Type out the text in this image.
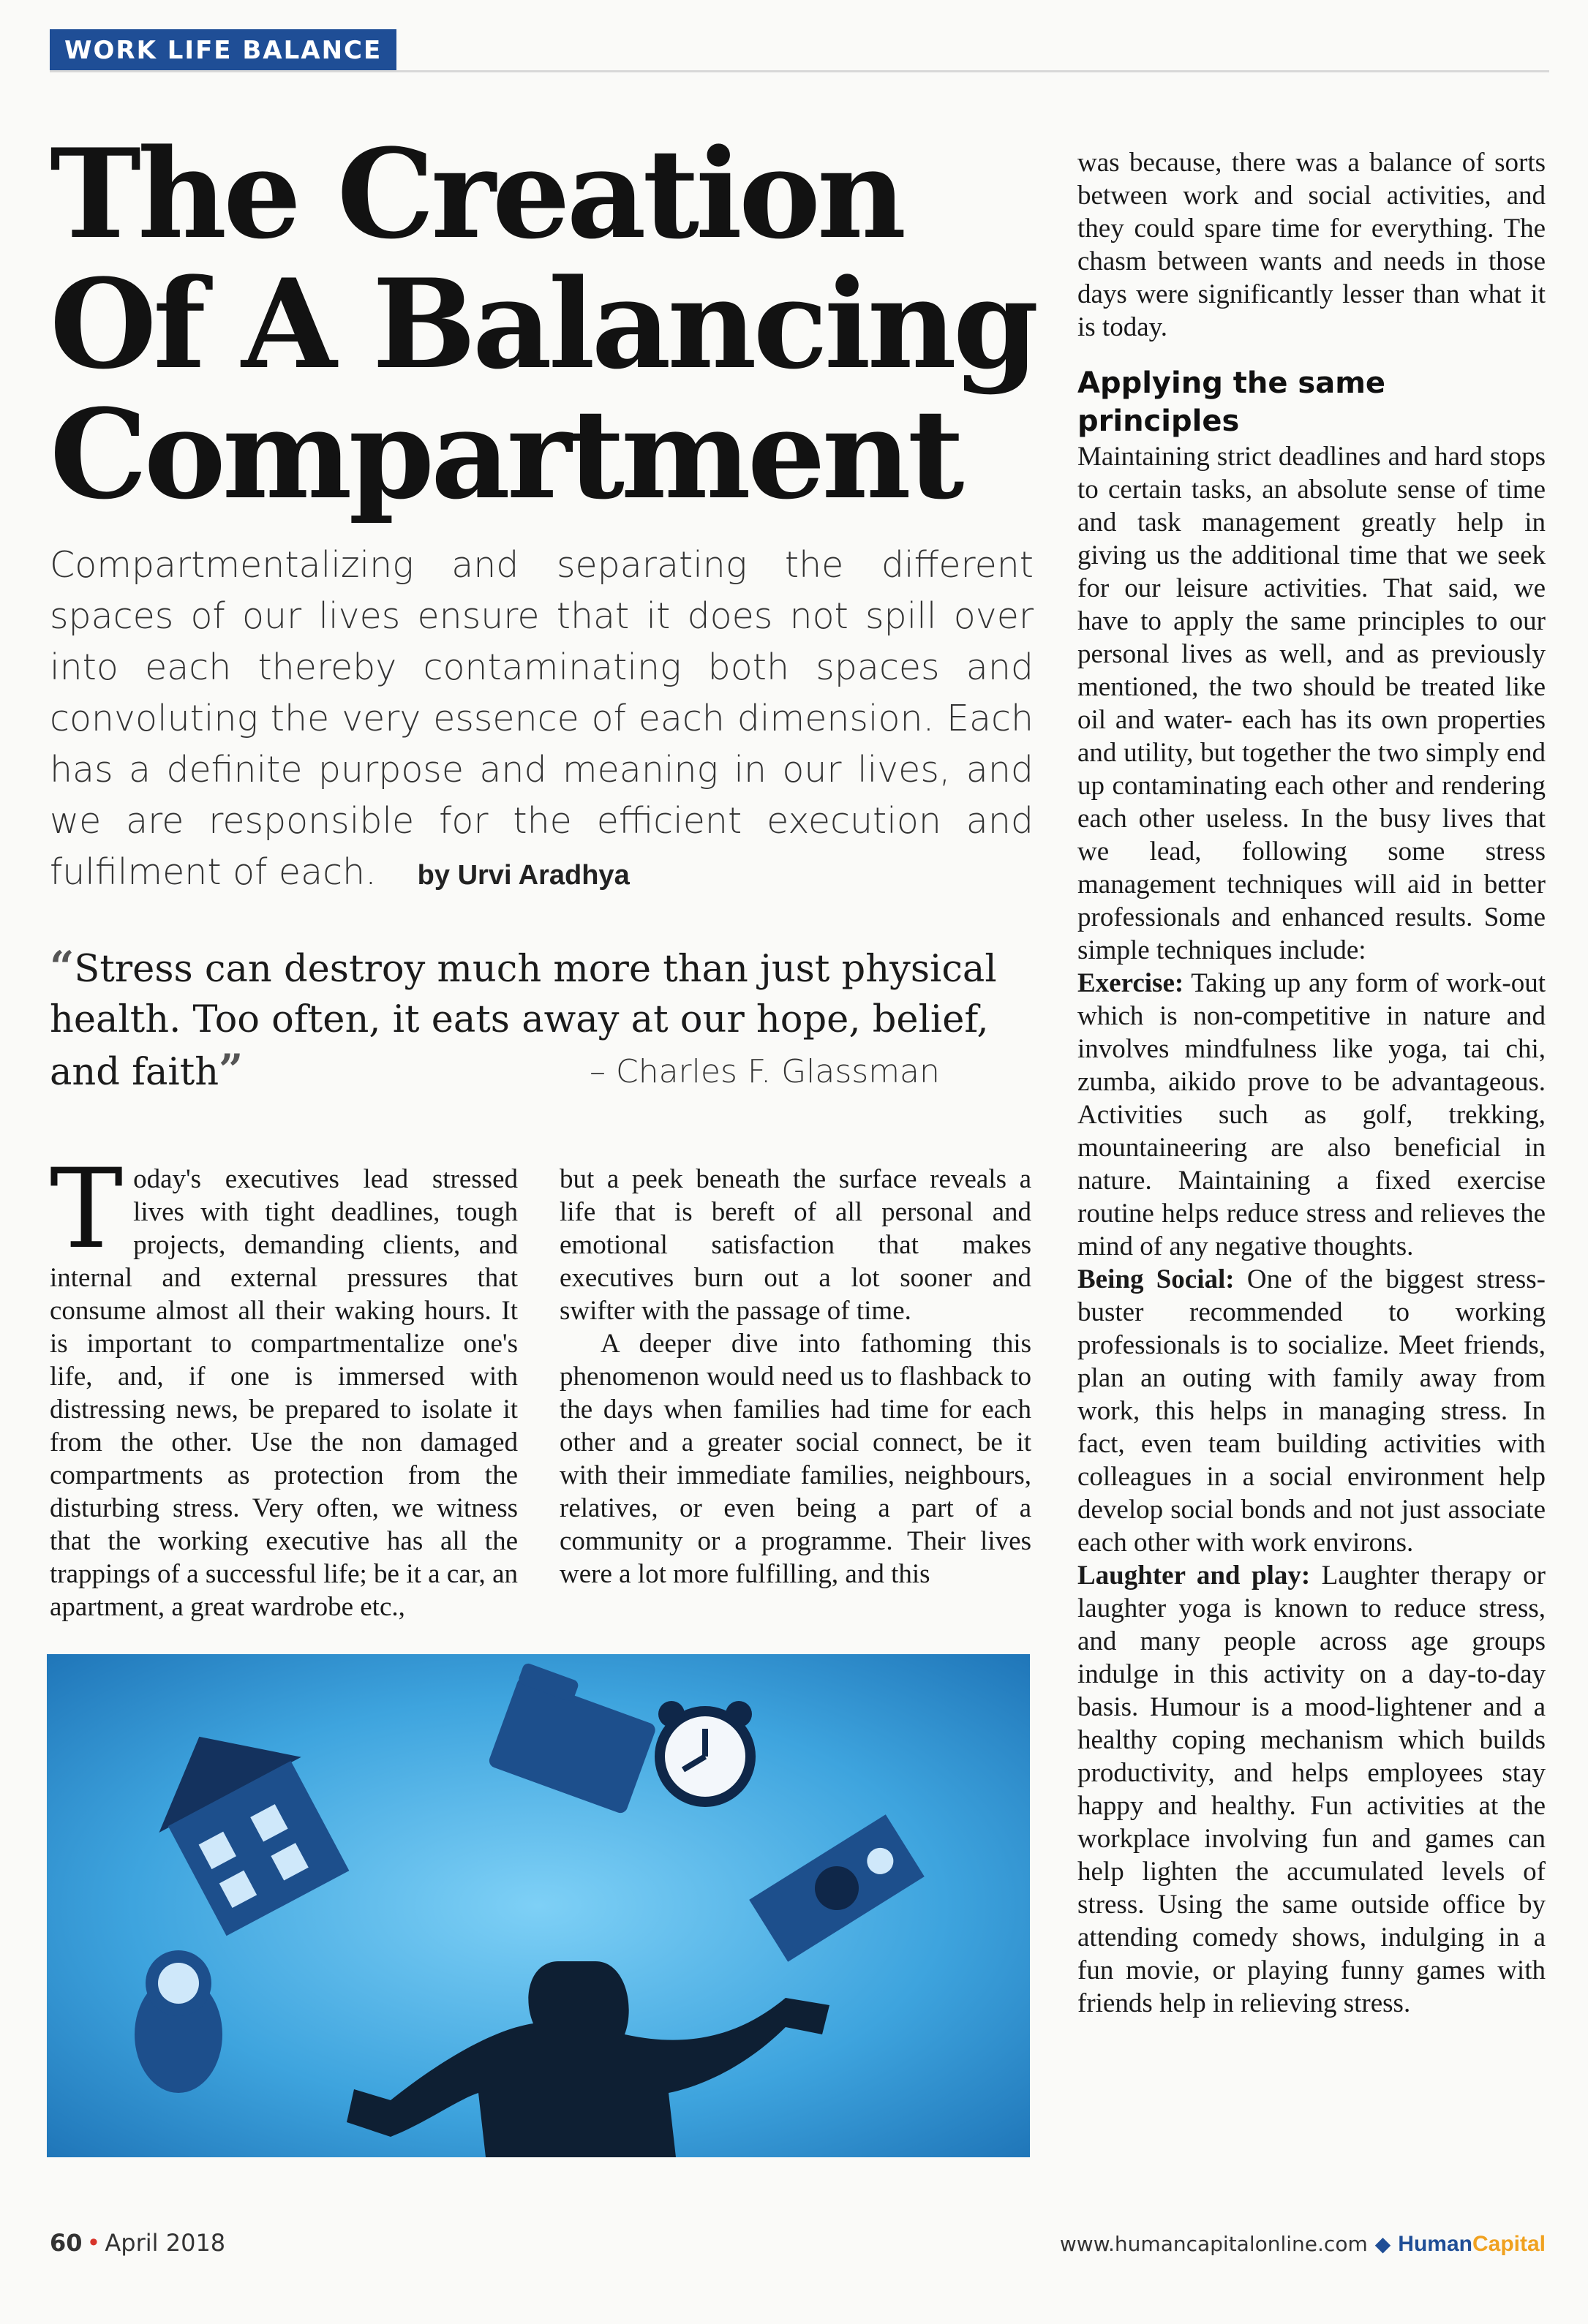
WORK LIFE BALANCE
The Creation
Of A Balancing
Compartment
Compartmentalizing and separating the different spaces of our lives ensure that it does not spill over into each thereby contaminating both spaces and convoluting the very essence of each dimension. Each has a definite purpose and meaning in our lives, and we are responsible for the efficient execution and fulfilment of each. by Urvi Aradhya
“Stress can destroy much more than just physical health. Too often, it eats away at our hope, belief, and faith”	– Charles F. Glassman

Today's executives lead stressed lives with tight deadlines, tough projects, demanding clients, and internal and external pressures that consume almost all their waking hours. It is important to compartmentalize one's life, and, if one is immersed with distressing news, be prepared to isolate it from the other. Use the non damaged compartments as protection from the disturbing stress. Very often, we witness that the working executive has all the trappings of a successful life; be it a car, an apartment, a great wardrobe etc.,

but a peek beneath the surface reveals a life that is bereft of all personal and emotional satisfaction that makes executives burn out a lot sooner and swifter with the passage of time.

A deeper dive into fathoming this phenomenon would need us to flashback to the days when families had time for each other and a greater social connect, be it with their immediate families, neighbours, relatives, or even being a part of a community or a programme. Their lives were a lot more fulfilling, and this

was because, there was a balance of sorts between work and social activities, and they could spare time for everything. The chasm between wants and needs in those days were significantly lesser than what it is today.

Applying the same principles

Maintaining strict deadlines and hard stops to certain tasks, an absolute sense of time and task management greatly help in giving us the additional time that we seek for our leisure activities. That said, we have to apply the same principles to our personal lives as well, and as previously mentioned, the two should be treated like oil and water- each has its own properties and utility, but together the two simply end up contaminating each other and rendering each other useless. In the busy lives that we lead, following some stress management techniques will aid in better professionals and enhanced results. Some simple techniques include:

Exercise: Taking up any form of work-out which is non-competitive in nature and involves mindfulness like yoga, tai chi, zumba, aikido prove to be advantageous. Activities such as golf, trekking, mountaineering are also beneficial in nature. Maintaining a fixed exercise routine helps reduce stress and relieves the mind of any negative thoughts.

Being Social: One of the biggest stress-buster recommended to working professionals is to socialize. Meet friends, plan an outing with family away from work, this helps in managing stress. In fact, even team building activities with colleagues in a social environment help develop social bonds and not just associate each other with work environs.

Laughter and play: Laughter therapy or laughter yoga is known to reduce stress, and many people across age groups indulge in this activity on a day-to-day basis. Humour is a mood-lightener and a healthy coping mechanism which builds productivity, and helps employees stay happy and healthy. Fun activities at the workplace involving fun and games can help lighten the accumulated levels of stress. Using the same outside office by attending comedy shows, indulging in a fun movie, or playing funny games with friends help in relieving stress.

60 • April 2018	www.humancapitalonline.com ◆ HumanCapital
